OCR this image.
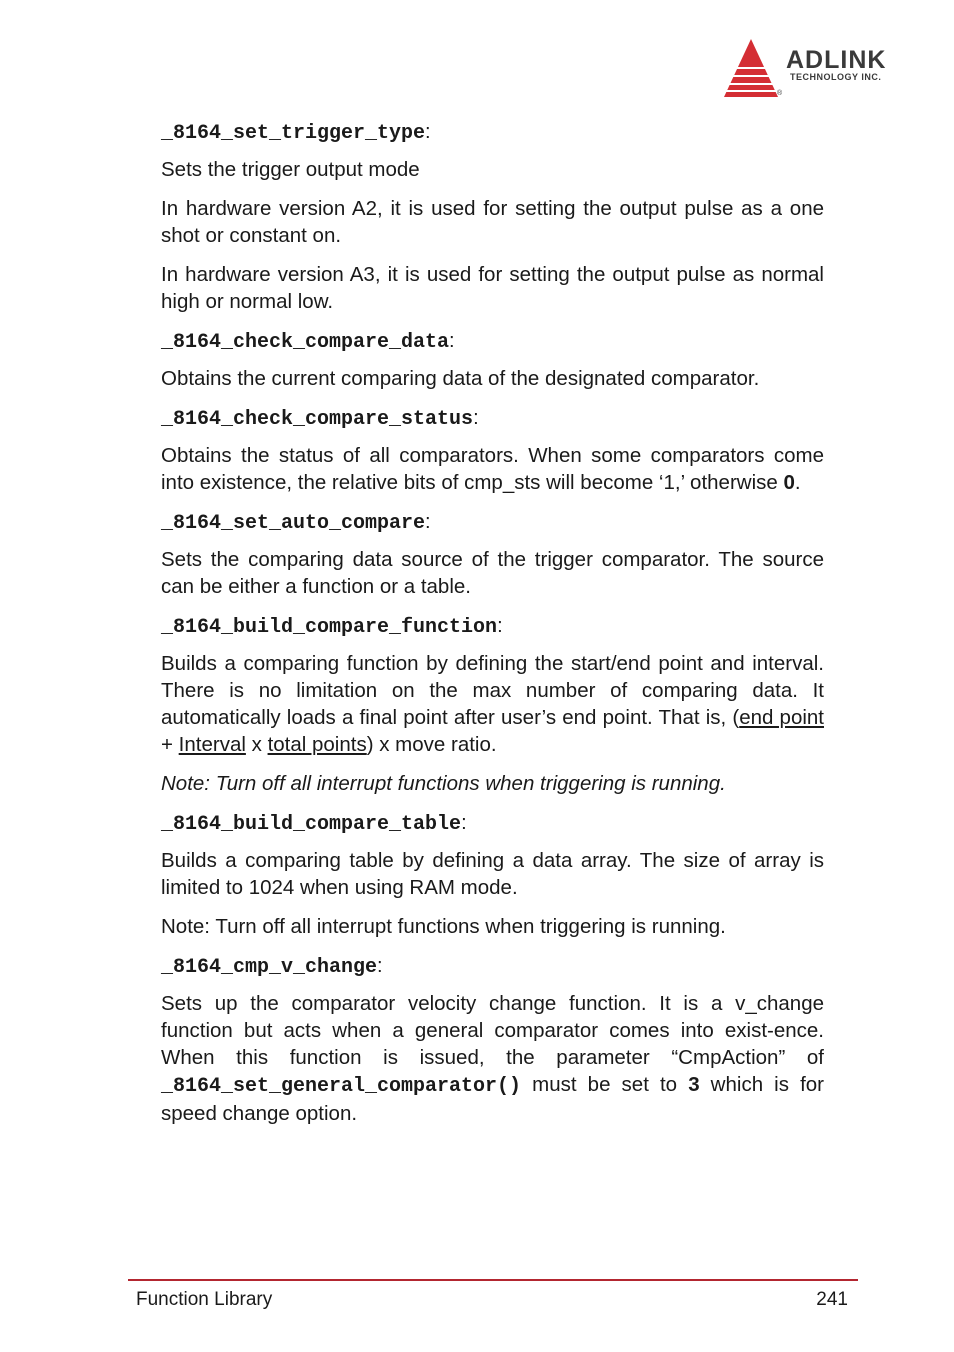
ADLINK
TECHNOLOGY INC.
®
_8164_set_trigger_type:
Sets the trigger output mode
In hardware version A2, it is used for setting the output pulse as a one shot or constant on.
In hardware version A3, it is used for setting the output pulse as normal high or normal low.
_8164_check_compare_data:
Obtains the current comparing data of the designated comparator.
_8164_check_compare_status:
Obtains the status of all comparators. When some comparators come into existence, the relative bits of cmp_sts will become ‘1,’ otherwise 0.
_8164_set_auto_compare:
Sets the comparing data source of the trigger comparator. The source can be either a function or a table.
_8164_build_compare_function:
Builds a comparing function by defining the start/end point and interval. There is no limitation on the max number of comparing data. It automatically loads a final point after user’s end point. That is, (end point + Interval x total points) x move ratio.
Note: Turn off all interrupt functions when triggering is running.
_8164_build_compare_table:
Builds a comparing table by defining a data array. The size of array is limited to 1024 when using RAM mode.
Note: Turn off all interrupt functions when triggering is running.
_8164_cmp_v_change:
Sets up the comparator velocity change function. It is a v_change function but acts when a general comparator comes into exist-ence. When this function is issued, the parameter “CmpAction” of _8164_set_general_comparator() must be set to 3 which is for speed change option.
Function Library	241
